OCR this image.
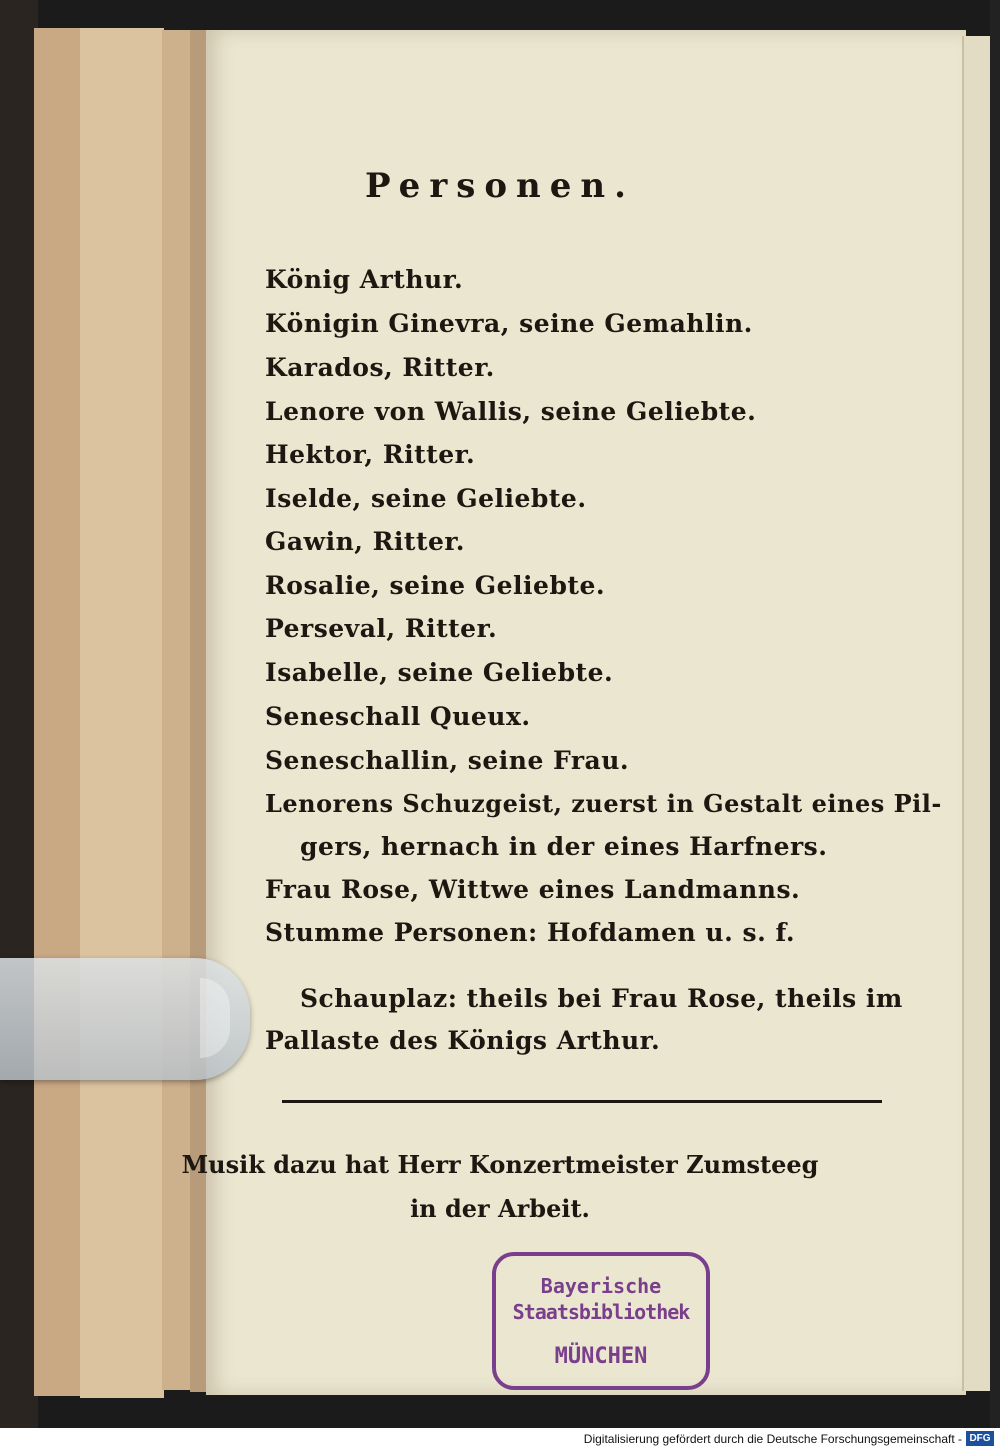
Personen.
König Arthur.
Königin Ginevra, seine Gemahlin.
Karados, Ritter.
Lenore von Wallis, seine Geliebte.
Hektor, Ritter.
Iselde, seine Geliebte.
Gawin, Ritter.
Rosalie, seine Geliebte.
Perseval, Ritter.
Isabelle, seine Geliebte.
Seneschall Queux.
Seneschallin, seine Frau.
Lenorens Schuzgeist, zuerst in Gestalt eines Pil-
gers, hernach in der eines Harfners.
Frau Rose, Wittwe eines Landmanns.
Stumme Personen: Hofdamen u. s. f.
Schauplaz: theils bei Frau Rose, theils im
Pallaste des Königs Arthur.
Musik dazu hat Herr Konzertmeister Zumsteeg
in der Arbeit.
Bayerische
Staatsbibliothek
MÜNCHEN
Digitalisierung gefördert durch die Deutsche Forschungsgemeinschaft - DFG
